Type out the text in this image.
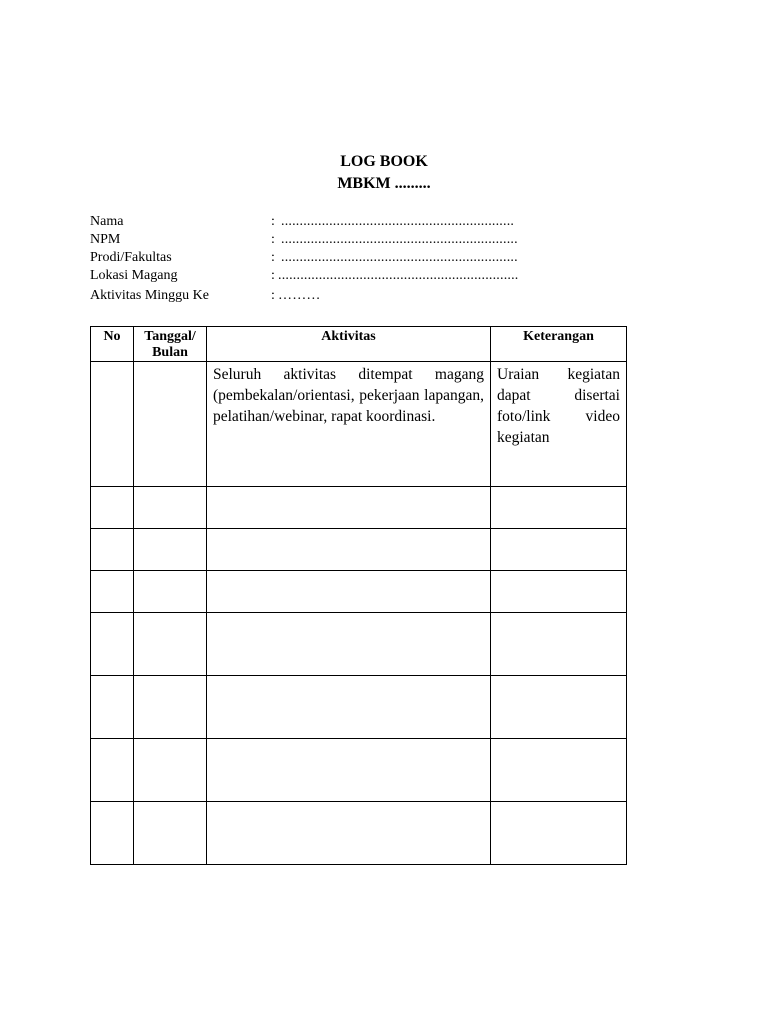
LOG BOOK
MBKM .........
Nama	: ...............................................................
NPM	: ................................................................
Prodi/Fakultas	: ................................................................
Lokasi Magang	: .................................................................
Aktivitas Minggu Ke	: ………
No	Tanggal/ Bulan	Aktivitas	Keterangan

		Seluruh aktivitas ditempat magang (pembekalan/orientasi, pekerjaan lapangan, pelatihan/webinar, rapat koordinasi.	Uraian kegiatan dapat disertai foto/link video kegiatan
